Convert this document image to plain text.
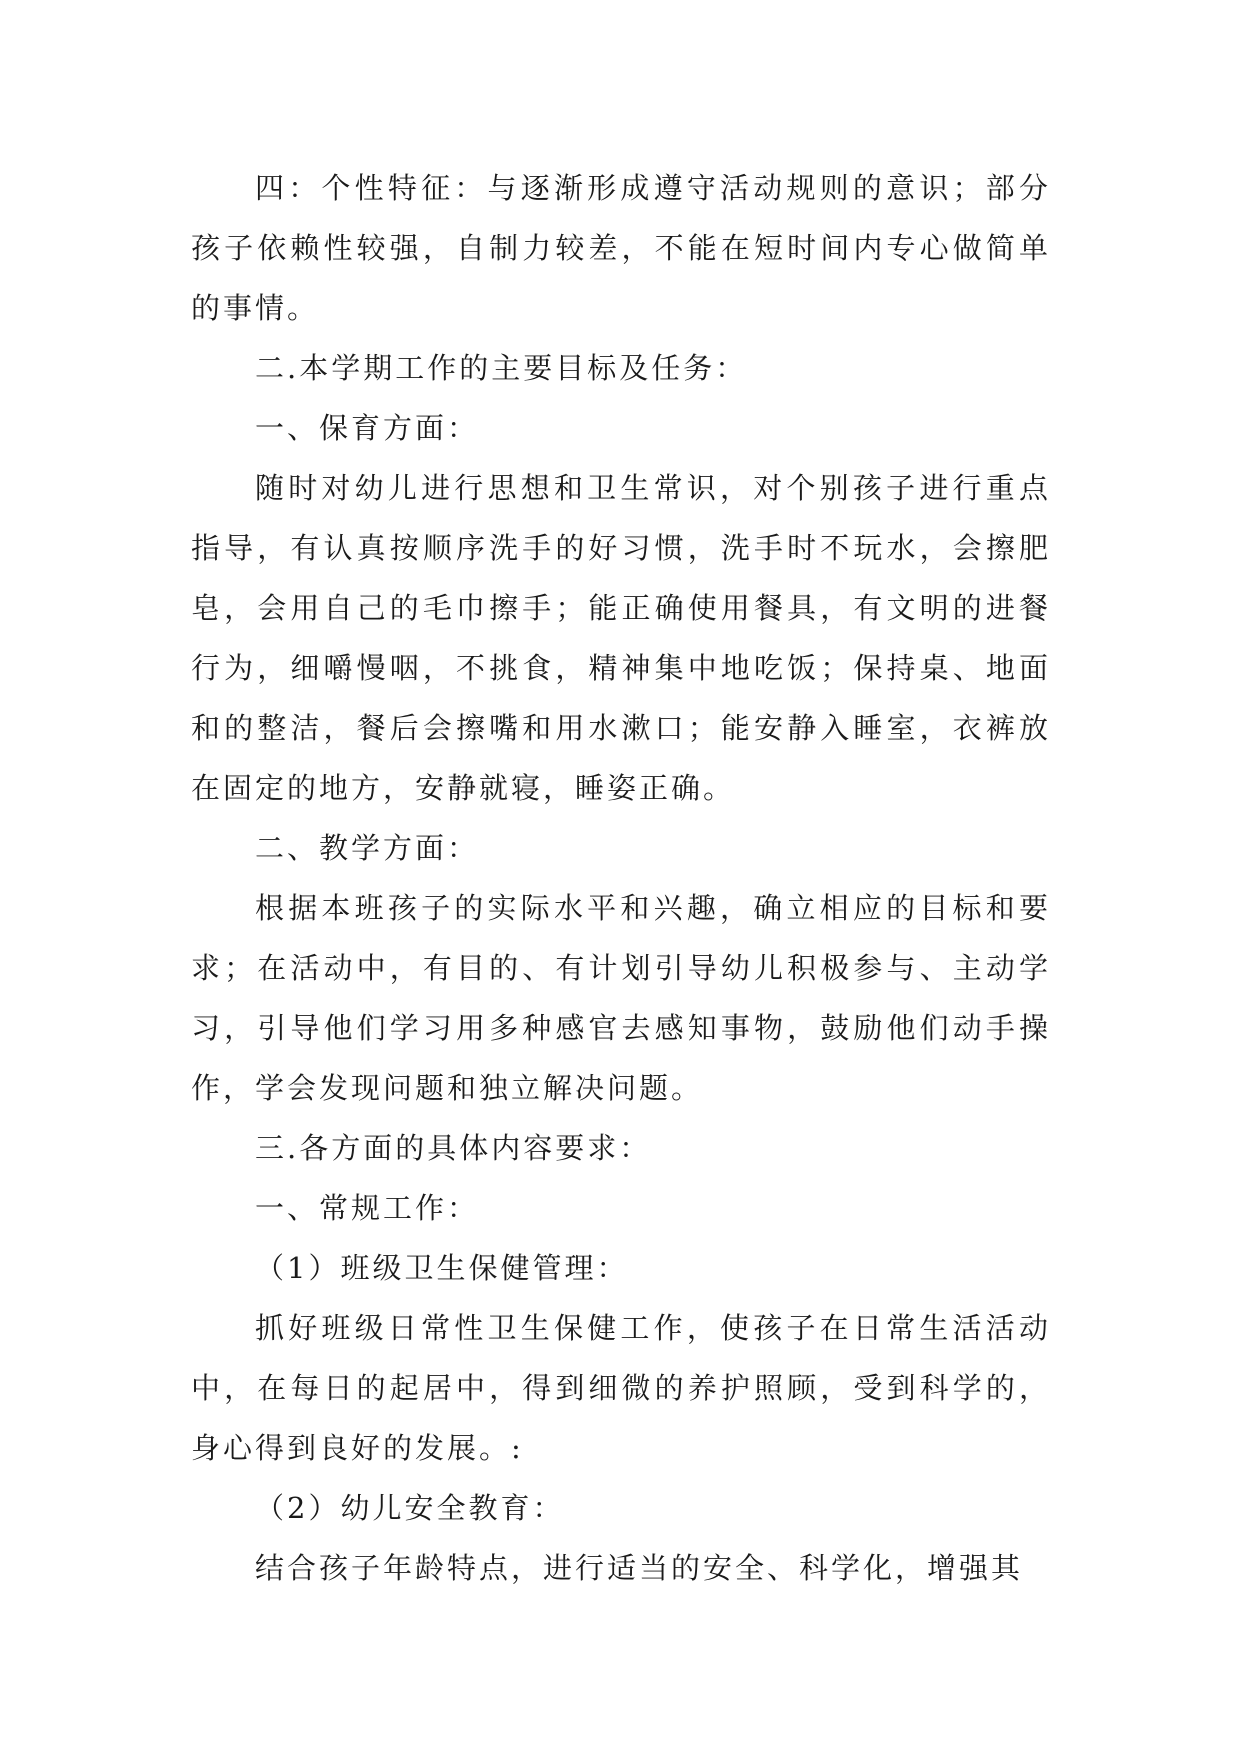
四：个性特征：与逐渐形成遵守活动规则的意识；部分孩子依赖性较强，自制力较差，不能在短时间内专心做简单的事情。

二.本学期工作的主要目标及任务：

一、保育方面：

随时对幼儿进行思想和卫生常识，对个别孩子进行重点指导，有认真按顺序洗手的好习惯，洗手时不玩水，会擦肥皂，会用自己的毛巾擦手；能正确使用餐具，有文明的进餐行为，细嚼慢咽，不挑食，精神集中地吃饭；保持桌、地面和的整洁，餐后会擦嘴和用水漱口；能安静入睡室，衣裤放在固定的地方，安静就寝，睡姿正确。

二、教学方面：

根据本班孩子的实际水平和兴趣，确立相应的目标和要求；在活动中，有目的、有计划引导幼儿积极参与、主动学习，引导他们学习用多种感官去感知事物，鼓励他们动手操作，学会发现问题和独立解决问题。

三.各方面的具体内容要求：

一、常规工作：

（1）班级卫生保健管理：

抓好班级日常性卫生保健工作，使孩子在日常生活活动中，在每日的起居中，得到细微的养护照顾，受到科学的，身心得到良好的发展。:

（2）幼儿安全教育：

结合孩子年龄特点，进行适当的安全、科学化，增强其
